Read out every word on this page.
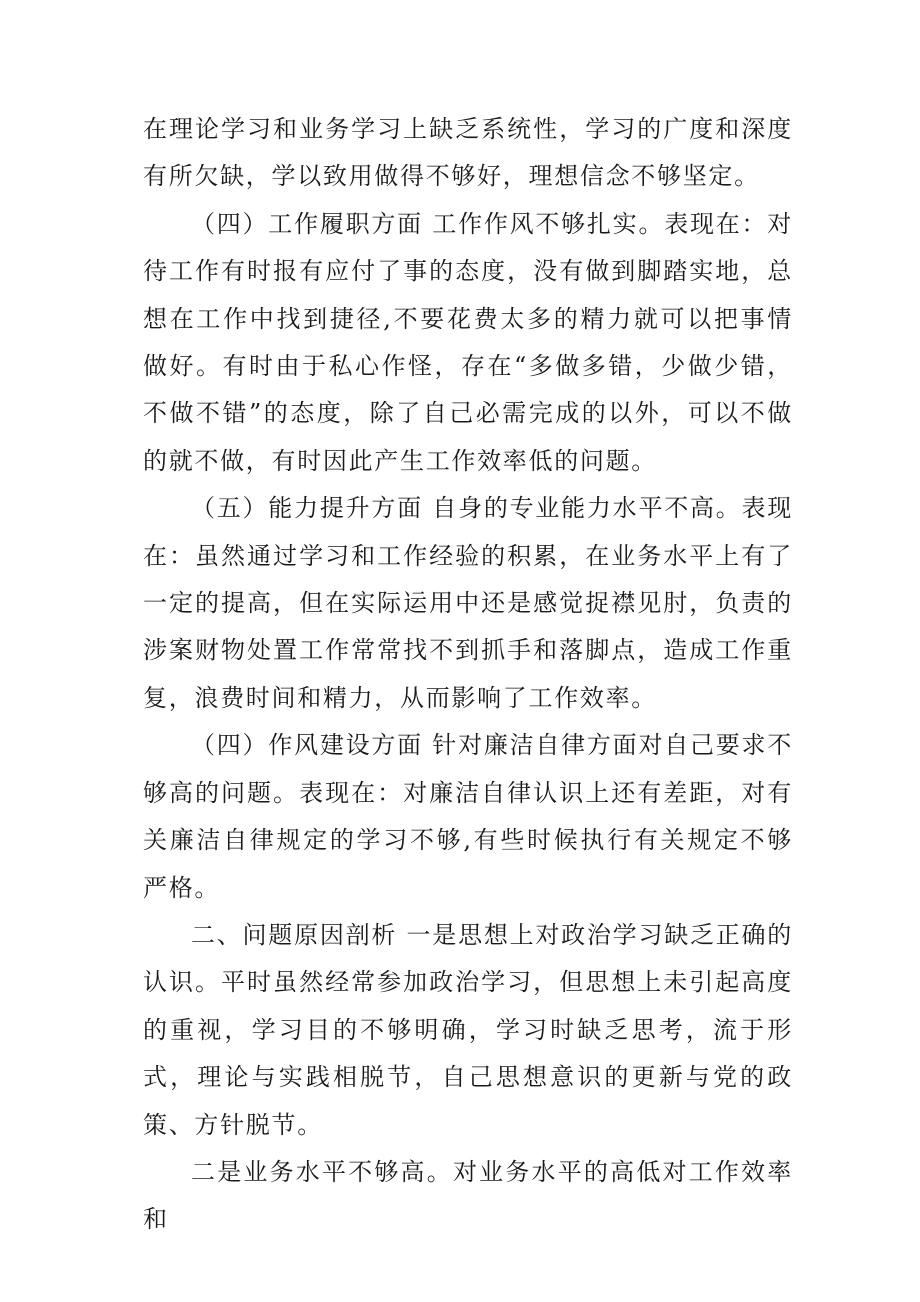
在理论学习和业务学习上缺乏系统性，学习的广度和深度有所欠缺，学以致用做得不够好，理想信念不够坚定。

（四）工作履职方面 工作作风不够扎实。表现在：对待工作有时报有应付了事的态度，没有做到脚踏实地，总想在工作中找到捷径,不要花费太多的精力就可以把事情做好。有时由于私心作怪，存在“多做多错，少做少错，不做不错”的态度，除了自己必需完成的以外，可以不做的就不做，有时因此产生工作效率低的问题。

（五）能力提升方面 自身的专业能力水平不高。表现在：虽然通过学习和工作经验的积累，在业务水平上有了一定的提高，但在实际运用中还是感觉捉襟见肘，负责的涉案财物处置工作常常找不到抓手和落脚点，造成工作重复，浪费时间和精力，从而影响了工作效率。

（四）作风建设方面 针对廉洁自律方面对自己要求不够高的问题。表现在：对廉洁自律认识上还有差距，对有关廉洁自律规定的学习不够,有些时候执行有关规定不够严格。

二、问题原因剖析 一是思想上对政治学习缺乏正确的认识。平时虽然经常参加政治学习，但思想上未引起高度的重视，学习目的不够明确，学习时缺乏思考，流于形式，理论与实践相脱节，自己思想意识的更新与党的政策、方针脱节。

二是业务水平不够高。对业务水平的高低对工作效率和
